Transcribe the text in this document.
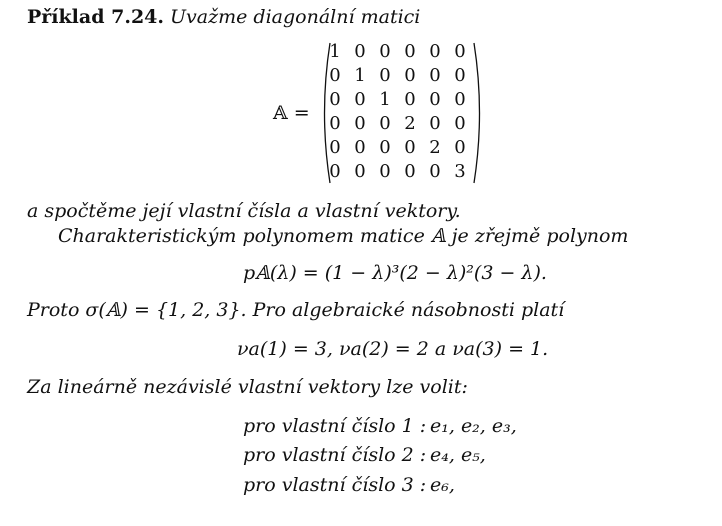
Příklad 7.24. Uvažme diagonální matici
𝔸 =
1 0 0 0 0 0
0 1 0 0 0 0
0 0 1 0 0 0
0 0 0 2 0 0
0 0 0 0 2 0
0 0 0 0 0 3
a spočtěme její vlastní čísla a vlastní vektory.
Charakteristickým polynomem matice 𝔸 je zřejmě polynom
p𝔸(λ) = (1 − λ)³(2 − λ)²(3 − λ).
Proto σ(𝔸) = {1, 2, 3}. Pro algebraické násobnosti platí
νa(1) = 3, νa(2) = 2 a νa(3) = 1.
Za lineárně nezávislé vlastní vektory lze volit:
pro vlastní číslo 1 : e₁, e₂, e₃,
pro vlastní číslo 2 : e₄, e₅,
pro vlastní číslo 3 : e₆,
